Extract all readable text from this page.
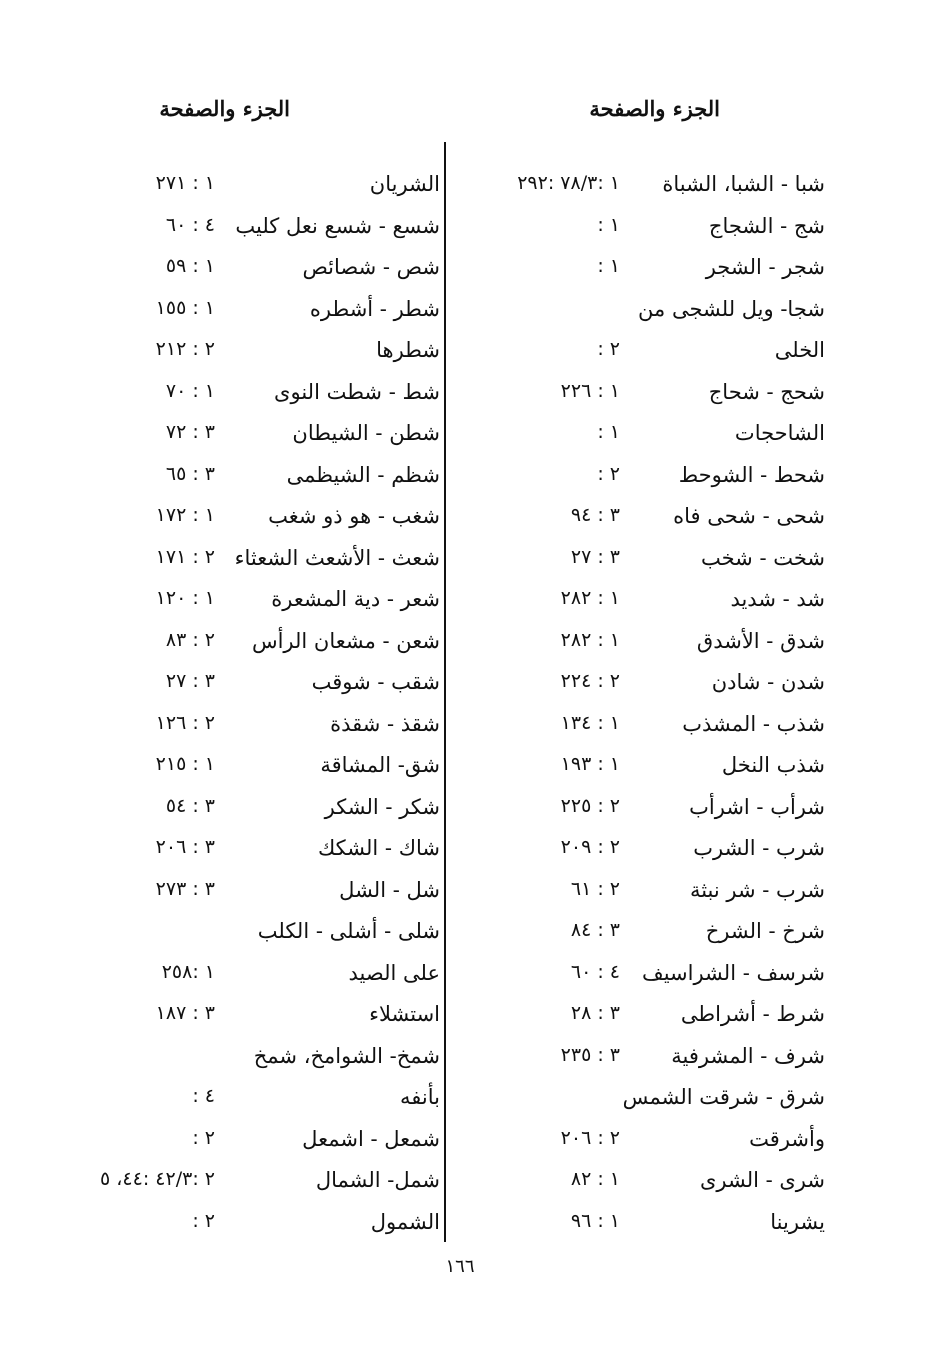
الجزء والصفحة
الجزء والصفحة
شبا - الشبا، الشباة
١ :٧٨/٣ :٢٩٢
شج - الشجاج
١ :
شجر - الشجر
١ :
شجا- ويل للشجى من
الخلى
٢ :
شحج - شحاج
١ : ٢٢٦
الشاحجات
١ :
شحط - الشوحط
٢ :
شحى - شحى فاه
٣ : ٩٤
شخت - شخب
٣ : ٢٧
شد - شديد
١ : ٢٨٢
شدق - الأشدق
١ : ٢٨٢
شدن - شادن
٢ : ٢٢٤
شذب - المشذب
١ : ١٣٤
شذب النخل
١ : ١٩٣
شرأب - اشرأب
٢ : ٢٢٥
شرب - الشرب
٢ : ٢٠٩
شرب - شر نبثة
٢ : ٦١
شرخ - الشرخ
٣ : ٨٤
شرسف - الشراسيف
٤ : ٦٠
شرط - أشراطى
٣ : ٢٨
شرف - المشرفية
٣ : ٢٣٥
شرق - شرقت الشمس
وأشرقت
٢ : ٢٠٦
شرى - الشرى
١ : ٨٢
يشرينا
١ : ٩٦
الشريان
١ : ٢٧١
شسع - شسع نعل كليب
٤ : ٦٠
شص - شصائص
١ : ٥٩
شطر - أشطره
١ : ١٥٥
شطرها
٢ : ٢١٢
شط - شطت النوى
١ : ٧٠
شطن - الشيطان
٣ : ٧٢
شظم - الشيظمى
٣ : ٦٥
شغب - هو ذو شغب
١ : ١٧٢
شعث - الأشعث الشعثاء
٢ : ١٧١
شعر - دية المشعرة
١ : ١٢٠
شعن - مشعان الرأس
٢ : ٨٣
شقب - شوقب
٣ : ٢٧
شقذ - شقذة
٢ : ١٢٦
شق- المشاقة
١ : ٢١٥
شكر - الشكر
٣ : ٥٤
شاك - الشكك
٣ : ٢٠٦
شل - الشل
٣ : ٢٧٣
شلى - أشلى - الكلب
على الصيد
١ :٢٥٨
استشلاء
٣ : ١٨٧
شمخ- الشوامخ، شمخ
بأنفه
٤ :
شمعل - اشمعل
٢ :
شمل- الشمال
٢ :٤٢/٣ :٤٤، ٥
الشمول
٢ :
١٦٦
